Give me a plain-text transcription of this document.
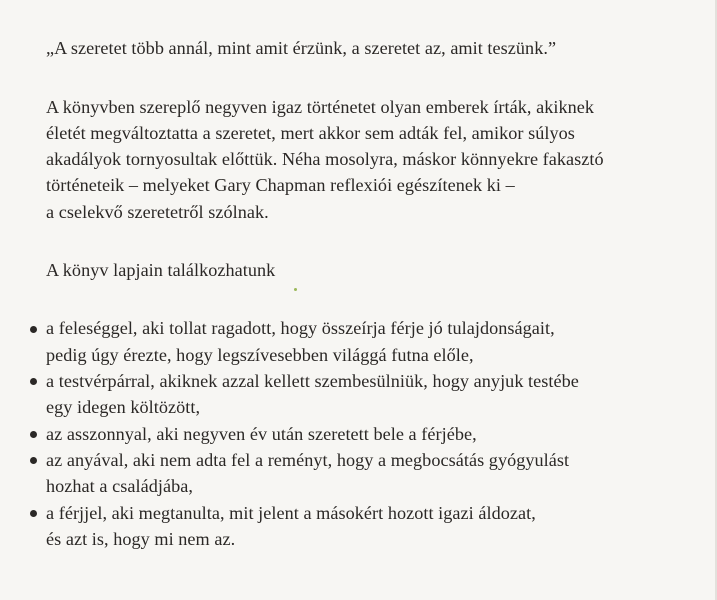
„A szeretet több annál, mint amit érzünk, a szeretet az, amit teszünk.”
A könyvben szereplő negyven igaz történetet olyan emberek írták, akiknek
életét megváltoztatta a szeretet, mert akkor sem adták fel, amikor súlyos
akadályok tornyosultak előttük. Néha mosolyra, máskor könnyekre fakasztó
történeteik – melyeket Gary Chapman reflexiói egészítenek ki –
a cselekvő szeretetről szólnak.
A könyv lapjain találkozhatunk
a feleséggel, aki tollat ragadott, hogy összeírja férje jó tulajdonságait,
pedig úgy érezte, hogy legszívesebben világgá futna előle,
a testvérpárral, akiknek azzal kellett szembesülniük, hogy anyjuk testébe
egy idegen költözött,
az asszonnyal, aki negyven év után szeretett bele a férjébe,
az anyával, aki nem adta fel a reményt, hogy a megbocsátás gyógyulást
hozhat a családjába,
a férjjel, aki megtanulta, mit jelent a másokért hozott igazi áldozat,
és azt is, hogy mi nem az.
